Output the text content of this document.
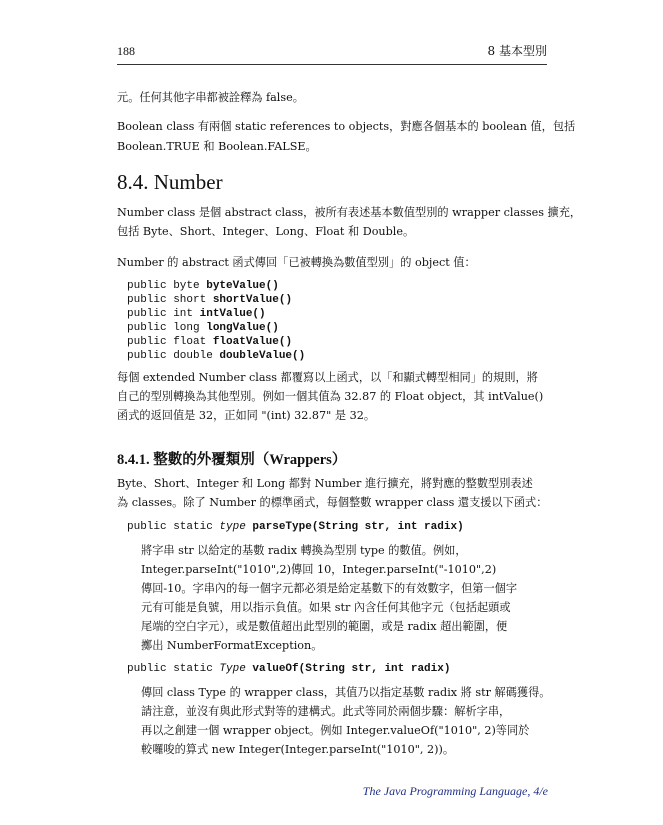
188	8 基本型別
元。任何其他字串都被詮釋為 false。
Boolean class 有兩個 static references to objects，對應各個基本的 boolean 值，包括
Boolean.TRUE 和 Boolean.FALSE。
8.4. Number
Number class 是個 abstract class，被所有表述基本數值型別的 wrapper classes 擴充，
包括 Byte、Short、Integer、Long、Float 和 Double。
Number 的 abstract 函式傳回「已被轉換為數值型別」的 object 值：
public byte byteValue()
public short shortValue()
public int intValue()
public long longValue()
public float floatValue()
public double doubleValue()
每個 extended Number class 都覆寫以上函式，以「和顯式轉型相同」的規則，將
自己的型別轉換為其他型別。例如一個其值為 32.87 的 Float object，其 intValue()
函式的返回值是 32，正如同 "(int) 32.87" 是 32。
8.4.1. 整數的外覆類別（Wrappers）
Byte、Short、Integer 和 Long 都對 Number 進行擴充，將對應的整數型別表述
為 classes。除了 Number 的標準函式，每個整數 wrapper class 還支援以下函式：
public static type parseType(String str, int radix)
將字串 str 以給定的基數 radix 轉換為型別 type 的數值。例如，
Integer.parseInt("1010",2)傳回 10，Integer.parseInt("-1010",2)
傳回-10。字串內的每一個字元都必須是給定基數下的有效數字，但第一個字
元有可能是負號，用以指示負值。如果 str 內含任何其他字元（包括起頭或
尾端的空白字元），或是數值超出此型別的範圍，或是 radix 超出範圍，便
擲出 NumberFormatException。
public static Type valueOf(String str, int radix)
傳回 class Type 的 wrapper class，其值乃以指定基數 radix 將 str 解碼獲得。
請注意，並沒有與此形式對等的建構式。此式等同於兩個步驟：解析字串，
再以之創建一個 wrapper object。例如 Integer.valueOf("1010", 2)等同於
較囉唆的算式 new Integer(Integer.parseInt("1010", 2))。
The Java Programming Language, 4/e
